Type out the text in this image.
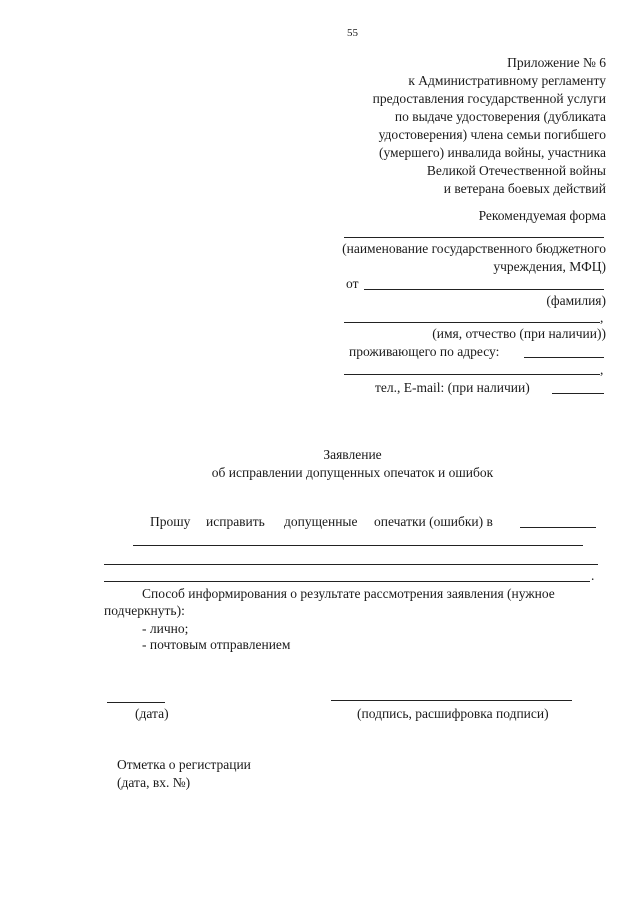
55
Приложение № 6
к Административному регламенту
предоставления государственной услуги
по выдаче удостоверения (дубликата
удостоверения) члена семьи погибшего
(умершего) инвалида войны, участника
Великой Отечественной войны
и ветерана боевых действий
Рекомендуемая форма
(наименование государственного бюджетного
учреждения, МФЦ)
от
(фамилия)
,
(имя, отчество (при наличии))
проживающего по адресу:
,
тел., E-mail: (при наличии)
Заявление
об исправлении допущенных опечаток и ошибок
Прошу исправить допущенные опечатки (ошибки) в
.
Способ информирования о результате рассмотрения заявления (нужное
подчеркнуть):
- лично;
- почтовым отправлением
(дата)	(подпись, расшифровка подписи)
Отметка о регистрации
(дата, вх. №)
